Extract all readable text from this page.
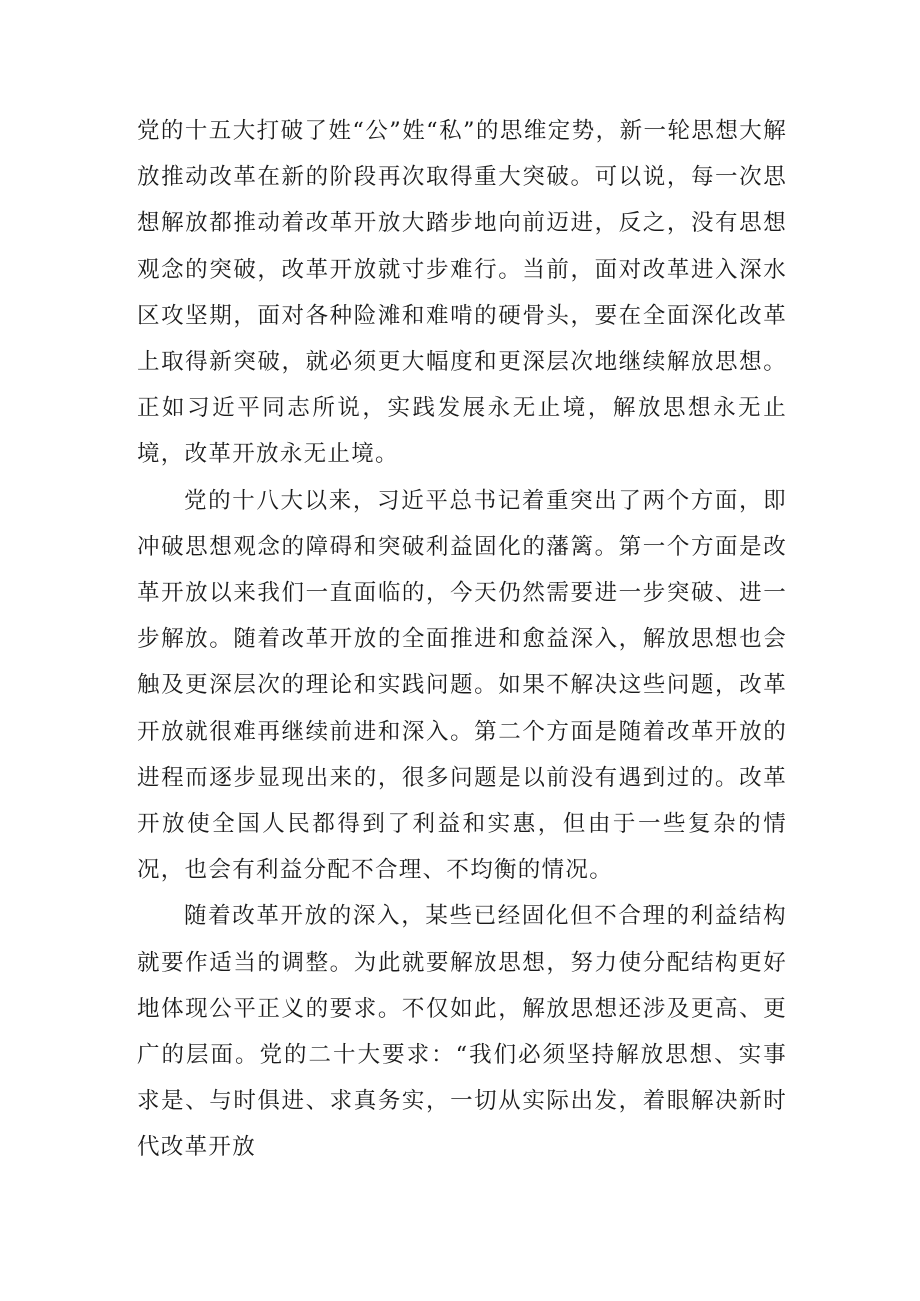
党的十五大打破了姓“公”姓“私”的思维定势，新一轮思想大解放推动改革在新的阶段再次取得重大突破。可以说，每一次思想解放都推动着改革开放大踏步地向前迈进，反之，没有思想观念的突破，改革开放就寸步难行。当前，面对改革进入深水区攻坚期，面对各种险滩和难啃的硬骨头，要在全面深化改革上取得新突破，就必须更大幅度和更深层次地继续解放思想。正如习近平同志所说，实践发展永无止境，解放思想永无止境，改革开放永无止境。

党的十八大以来，习近平总书记着重突出了两个方面，即冲破思想观念的障碍和突破利益固化的藩篱。第一个方面是改革开放以来我们一直面临的，今天仍然需要进一步突破、进一步解放。随着改革开放的全面推进和愈益深入，解放思想也会触及更深层次的理论和实践问题。如果不解决这些问题，改革开放就很难再继续前进和深入。第二个方面是随着改革开放的进程而逐步显现出来的，很多问题是以前没有遇到过的。改革开放使全国人民都得到了利益和实惠，但由于一些复杂的情况，也会有利益分配不合理、不均衡的情况。

随着改革开放的深入，某些已经固化但不合理的利益结构就要作适当的调整。为此就要解放思想，努力使分配结构更好地体现公平正义的要求。不仅如此，解放思想还涉及更高、更广的层面。党的二十大要求：“我们必须坚持解放思想、实事求是、与时俱进、求真务实，一切从实际出发，着眼解决新时代改革开放
